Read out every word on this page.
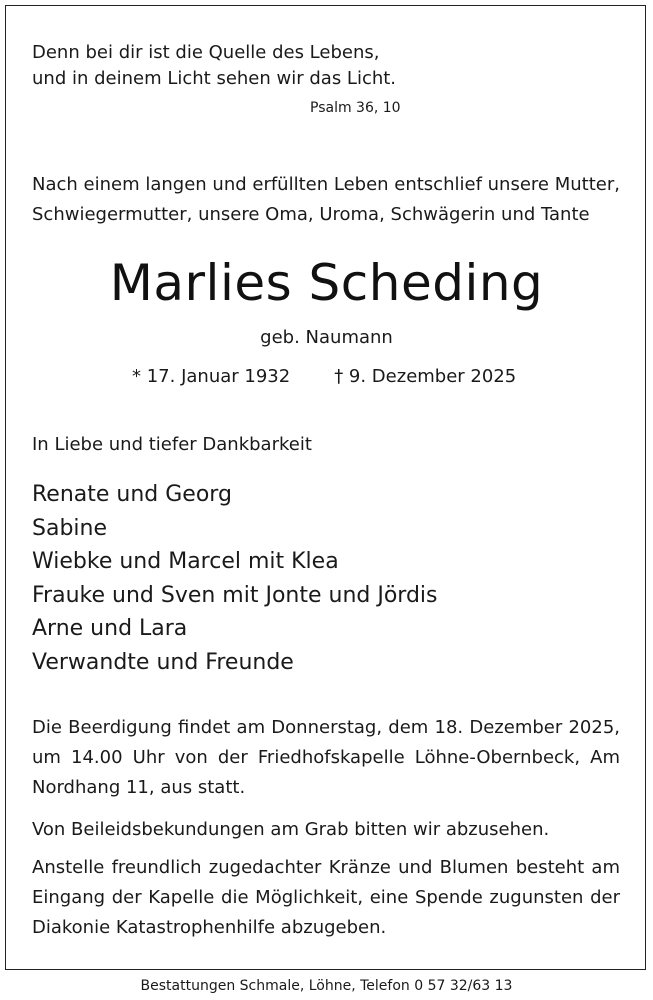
Denn bei dir ist die Quelle des Lebens,
und in deinem Licht sehen wir das Licht.
Psalm 36, 10
Nach einem langen und erfüllten Leben entschlief unsere Mutter,
Schwiegermutter, unsere Oma, Uroma, Schwägerin und Tante
Marlies Scheding
geb. Naumann
* 17. Januar 1932 † 9. Dezember 2025
In Liebe und tiefer Dankbarkeit
Renate und Georg
Sabine
Wiebke und Marcel mit Klea
Frauke und Sven mit Jonte und Jördis
Arne und Lara
Verwandte und Freunde
Die Beerdigung findet am Donnerstag, dem 18. Dezember 2025, um 14.00 Uhr von der Friedhofskapelle Löhne-Obernbeck, Am Nordhang 11, aus statt.
Von Beileidsbekundungen am Grab bitten wir abzusehen.
Anstelle freundlich zugedachter Kränze und Blumen besteht am Eingang der Kapelle die Möglichkeit, eine Spende zugunsten der Diakonie Katastrophenhilfe abzugeben.
Bestattungen Schmale, Löhne, Telefon 0 57 32/63 13
